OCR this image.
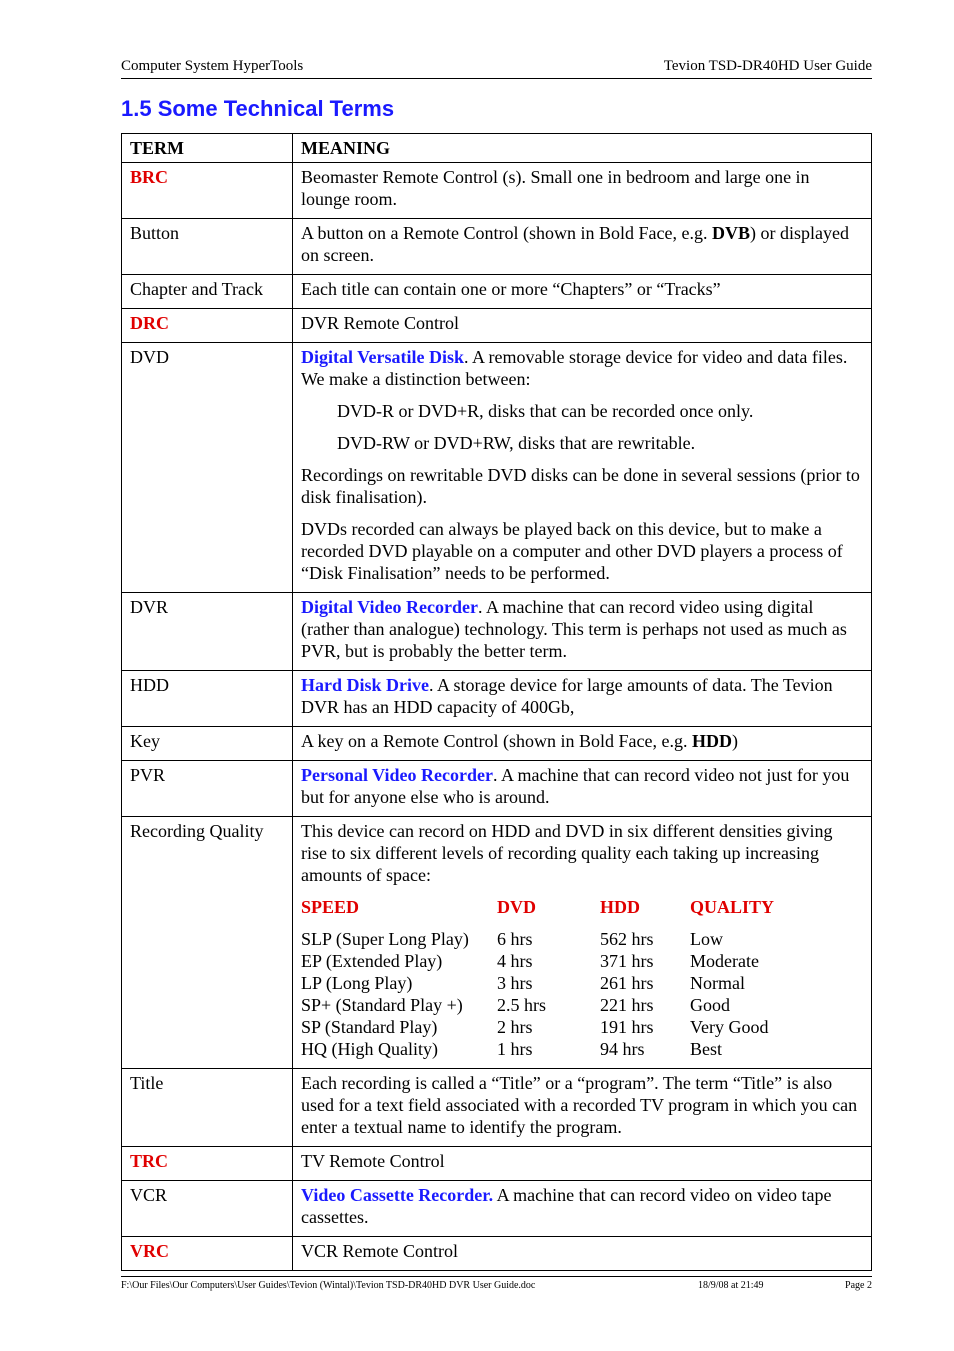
Computer System HyperTools	Tevion TSD-DR40HD User Guide
1.5 Some Technical Terms
TERM	MEANING
BRC	Beomaster Remote Control (s). Small one in bedroom and large one in lounge room.
Button	A button on a Remote Control (shown in Bold Face, e.g. DVB) or displayed on screen.
Chapter and Track	Each title can contain one or more “Chapters” or “Tracks”
DRC	DVR Remote Control
DVD	Digital Versatile Disk. A removable storage device for video and data files. We make a distinction between:

DVD-R or DVD+R, disks that can be recorded once only.

DVD-RW or DVD+RW, disks that are rewritable.

Recordings on rewritable DVD disks can be done in several sessions (prior to disk finalisation).

DVDs recorded can always be played back on this device, but to make a recorded DVD playable on a computer and other DVD players a process of “Disk Finalisation” needs to be performed.

DVR	Digital Video Recorder. A machine that can record video using digital (rather than analogue) technology. This term is perhaps not used as much as PVR, but is probably the better term.
HDD	Hard Disk Drive. A storage device for large amounts of data. The Tevion DVR has an HDD capacity of 400Gb,
Key	A key on a Remote Control (shown in Bold Face, e.g. HDD)
PVR	Personal Video Recorder. A machine that can record video not just for you but for anyone else who is around.
Recording Quality	This device can record on HDD and DVD in six different densities giving rise to six different levels of recording quality each taking up increasing amounts of space:

SPEED	DVD	HDD	QUALITY
SLP (Super Long Play)	6 hrs	562 hrs	Low
EP (Extended Play)	4 hrs	371 hrs	Moderate
LP (Long Play)	3 hrs	261 hrs	Normal
SP+ (Standard Play +)	2.5 hrs	221 hrs	Good
SP (Standard Play)	2 hrs	191 hrs	Very Good
HQ (High Quality)	1 hrs	94 hrs	Best

Title	Each recording is called a “Title” or a “program”. The term “Title” is also used for a text field associated with a recorded TV program in which you can enter a textual name to identify the program.
TRC	TV Remote Control
VCR	Video Cassette Recorder. A machine that can record video on video tape cassettes.
VRC	VCR Remote Control
F:\Our Files\Our Computers\User Guides\Tevion (Wintal)\Tevion TSD-DR40HD DVR User Guide.doc	18/9/08 at 21:49	Page 2
